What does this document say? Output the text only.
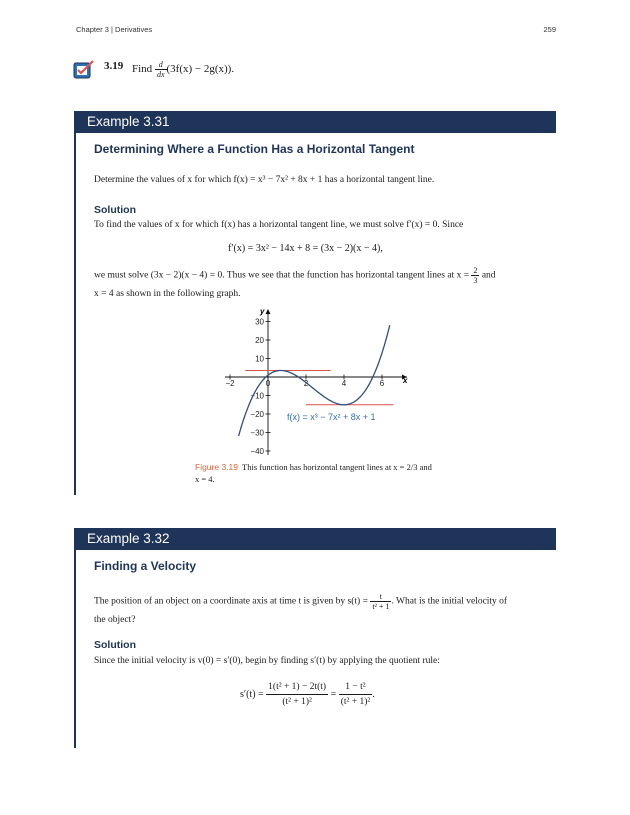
Chapter 3 | Derivatives	259
3.19 Find $\frac{d}{dx} (3f(x) - 2g(x))$.
Example 3.31
Determining Where a Function Has a Horizontal Tangent
Determine the values of x for which f(x) = x³ − 7x² + 8x + 1 has a horizontal tangent line.
Solution
To find the values of x for which f(x) has a horizontal tangent line, we must solve f′(x) = 0. Since
f′(x) = 3x² − 14x + 8 = (3x − 2)(x − 4),
we must solve (3x − 2)(x − 4) = 0. Thus we see that the function has horizontal tangent lines at $x = \frac{2}{3}$ and
x = 4 as shown in the following graph.
−2	0	2	4	6
30
20
10
−10
−20
−30
−40
f(x) = x³ − 7x² + 8x + 1
x
y
Figure 3.19 This function has horizontal tangent lines at x = 2/3 and x = 4.
Example 3.32
Finding a Velocity
The position of an object on a coordinate axis at time t is given by $s(t) = \frac{t}{\text{t² + 1}}$ . What is the initial velocity of
the object?
Solution
Since the initial velocity is v(0) = s′(0), begin by finding s′(t) by applying the quotient rule:
$s'(t) = \frac{\text{1(t² + 1) − 2t(t)}}{\text{(t² + 1)²}} = \frac{\text{1 − t²}}{\text{(t² + 1)²}}$ .
